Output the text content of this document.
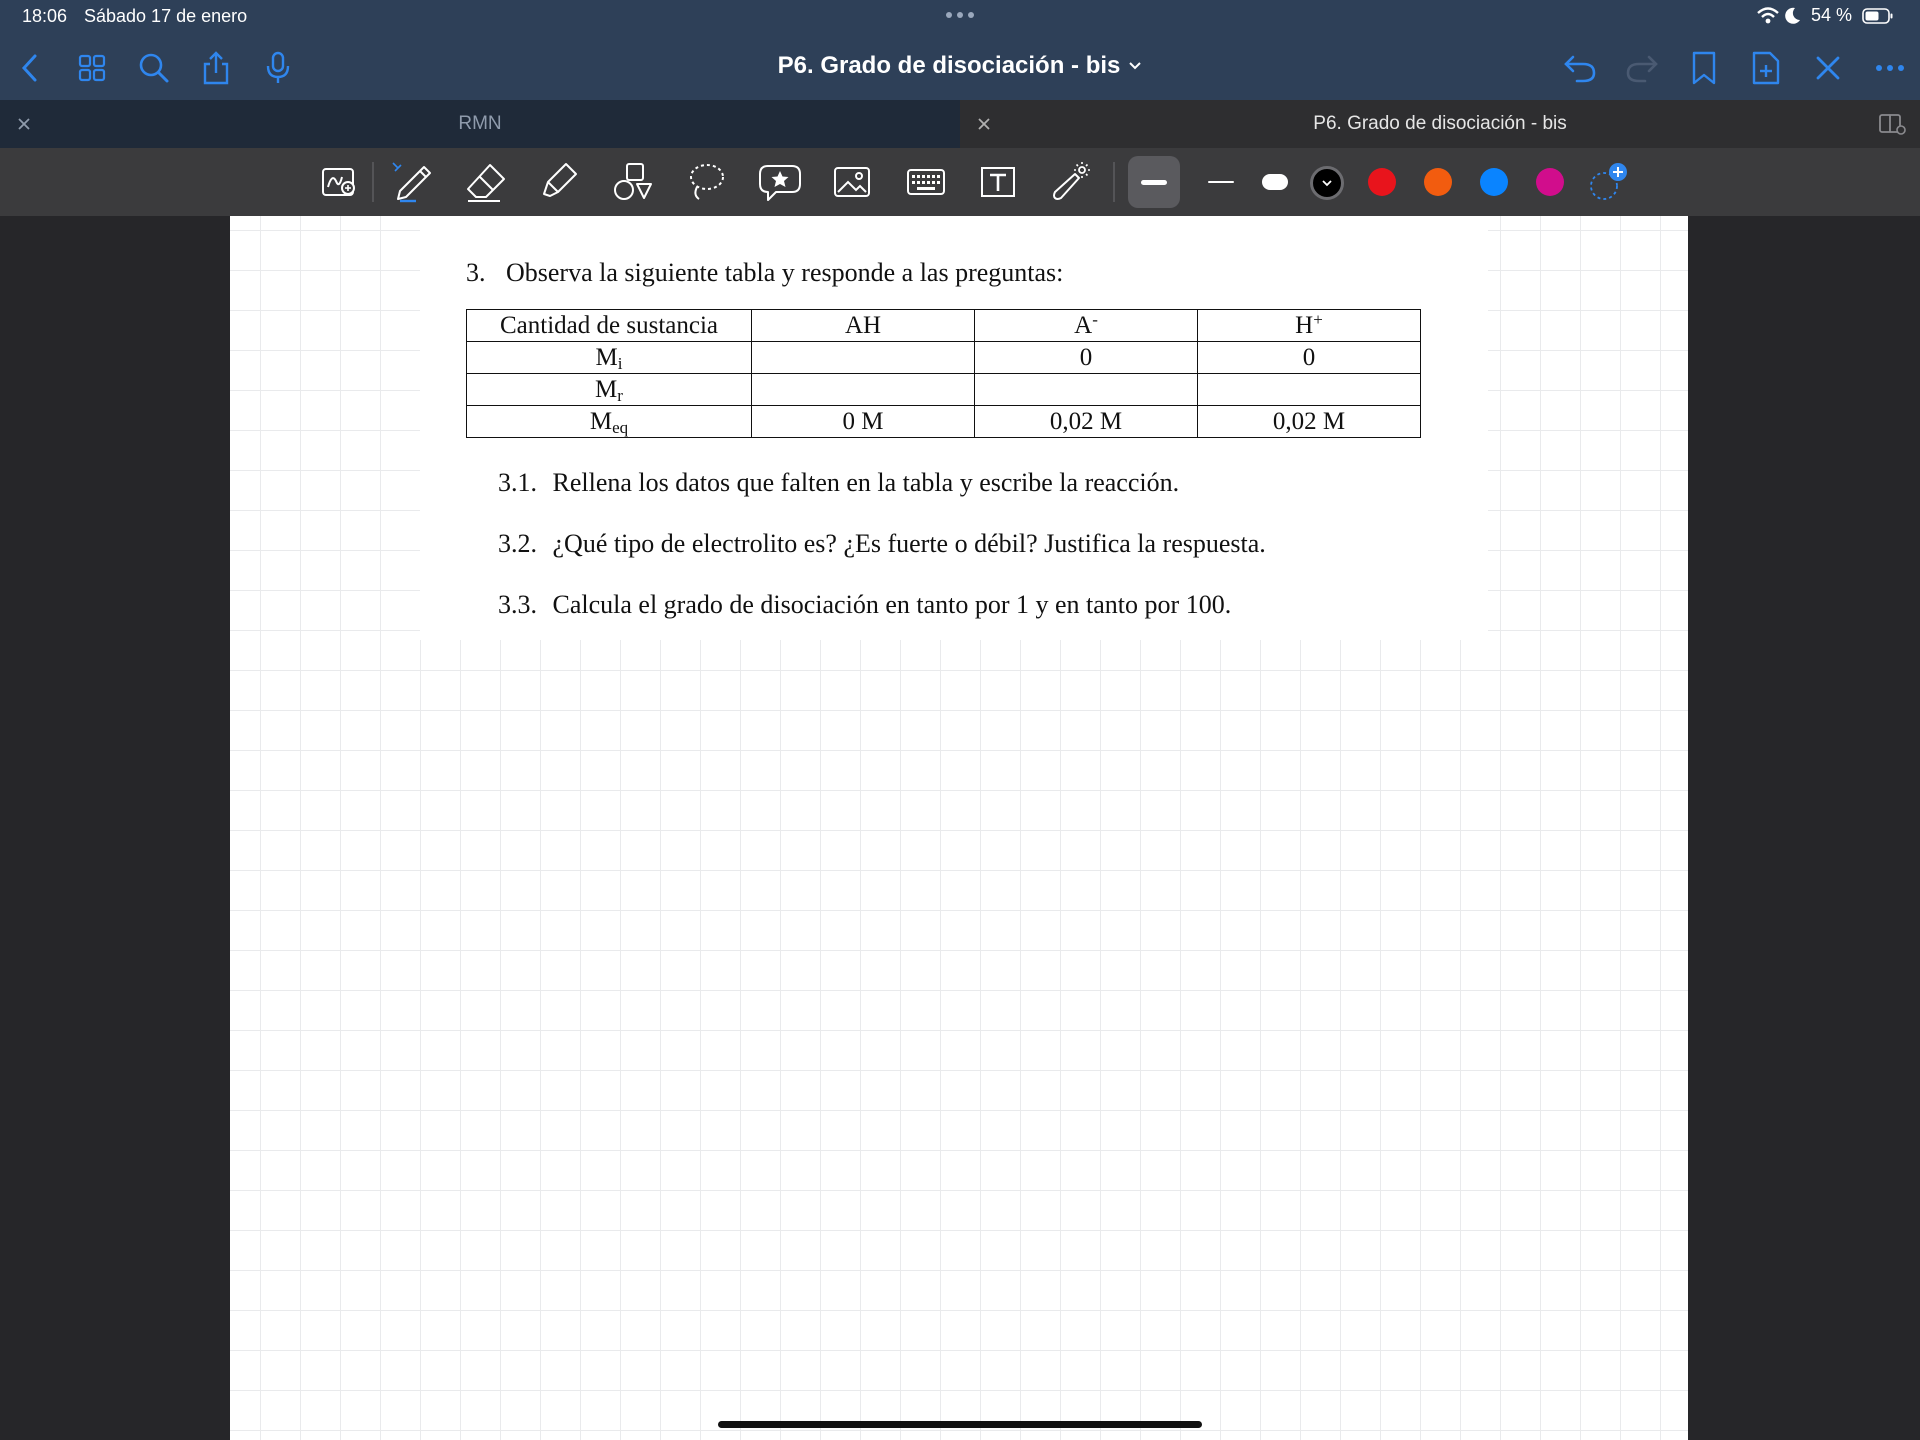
18:06 Sábado 17 de enero	54 %
P6. Grado de disociación - bis
RMN	P6. Grado de disociación - bis
3. Observa la siguiente tabla y responde a las preguntas:
Cantidad de sustancia	AH	A-	H+
$M_i$		0	0
$M_r$			
$M_{eq}$	0 M	0,02 M	0,02 M
3.1. Rellena los datos que falten en la tabla y escribe la reacción.
3.2. ¿Qué tipo de electrolito es? ¿Es fuerte o débil? Justifica la respuesta.
3.3. Calcula el grado de disociación en tanto por 1 y en tanto por 100.
